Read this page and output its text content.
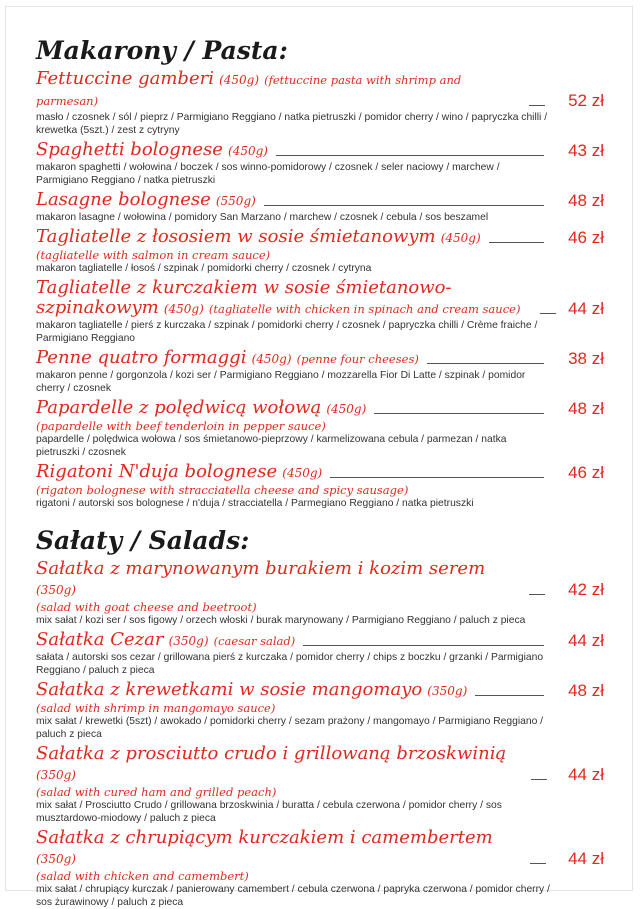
Makarony / Pasta:
Fettuccine gamberi (450g) (fettuccine pasta with shrimp and parmesan)	52 zł
masło / czosnek / sól / pieprz / Parmigiano Reggiano / natka pietruszki / pomidor cherry / wino / papryczka chilli / krewetka (5szt.) / zest z cytryny
Spaghetti bolognese (450g)	43 zł
makaron spaghetti / wołowina / boczek / sos winno-pomidorowy / czosnek / seler naciowy / marchew / Parmigiano Reggiano / natka pietruszki
Lasagne bolognese (550g)	48 zł
makaron lasagne / wołowina / pomidory San Marzano / marchew / czosnek / cebula / sos beszamel
Tagliatelle z łososiem w sosie śmietanowym (450g)	46 zł
(tagliatelle with salmon in cream sauce)
makaron tagliatelle / łosoś / szpinak / pomidorki cherry / czosnek / cytryna
Tagliatelle z kurczakiem w sosie śmietanowo-szpinakowym (450g) (tagliatelle with chicken in spinach and cream sauce)	44 zł
makaron tagliatelle / pierś z kurczaka / szpinak / pomidorki cherry / czosnek / papryczka chilli / Crème fraiche / Parmigiano Reggiano
Penne quatro formaggi (450g) (penne four cheeses)	38 zł
makaron penne / gorgonzola / kozi ser / Parmigiano Reggiano / mozzarella Fior Di Latte / szpinak / pomidor cherry / czosnek
Papardelle z polędwicą wołową (450g)	48 zł
(papardelle with beef tenderloin in pepper sauce)
papardelle / polędwica wołowa / sos śmietanowo-pieprzowy / karmelizowana cebula / parmezan / natka pietruszki / czosnek
Rigatoni N'duja bolognese (450g)	46 zł
(rigaton bolognese with stracciatella cheese and spicy sausage)
rigatoni / autorski sos bolognese / n'duja / stracciatella / Parmegiano Reggiano / natka pietruszki
Sałaty / Salads:
Sałatka z marynowanym burakiem i kozim serem (350g)	42 zł
(salad with goat cheese and beetroot)
mix sałat / kozi ser / sos figowy / orzech włoski / burak marynowany / Parmigiano Reggiano / paluch z pieca
Sałatka Cezar (350g) (caesar salad)	44 zł
sałata / autorski sos cezar / grillowana pierś z kurczaka / pomidor cherry / chips z boczku / grzanki / Parmigiano Reggiano / paluch z pieca
Sałatka z krewetkami w sosie mangomayo (350g)	48 zł
(salad with shrimp in mangomayo sauce)
mix sałat / krewetki (5szt) / awokado / pomidorki cherry / sezam prażony / mangomayo / Parmigiano Reggiano / paluch z pieca
Sałatka z prosciutto crudo i grillowaną brzoskwinią (350g)	44 zł
(salad with cured ham and grilled peach)
mix sałat / Prosciutto Crudo / grillowana brzoskwinia / buratta / cebula czerwona / pomidor cherry / sos musztardowo-miodowy / paluch z pieca
Sałatka z chrupiącym kurczakiem i camembertem (350g)	44 zł
(salad with chicken and camembert)
mix sałat / chrupiący kurczak / panierowany camembert / cebula czerwona / papryka czerwona / pomidor cherry / sos żurawinowy / paluch z pieca
